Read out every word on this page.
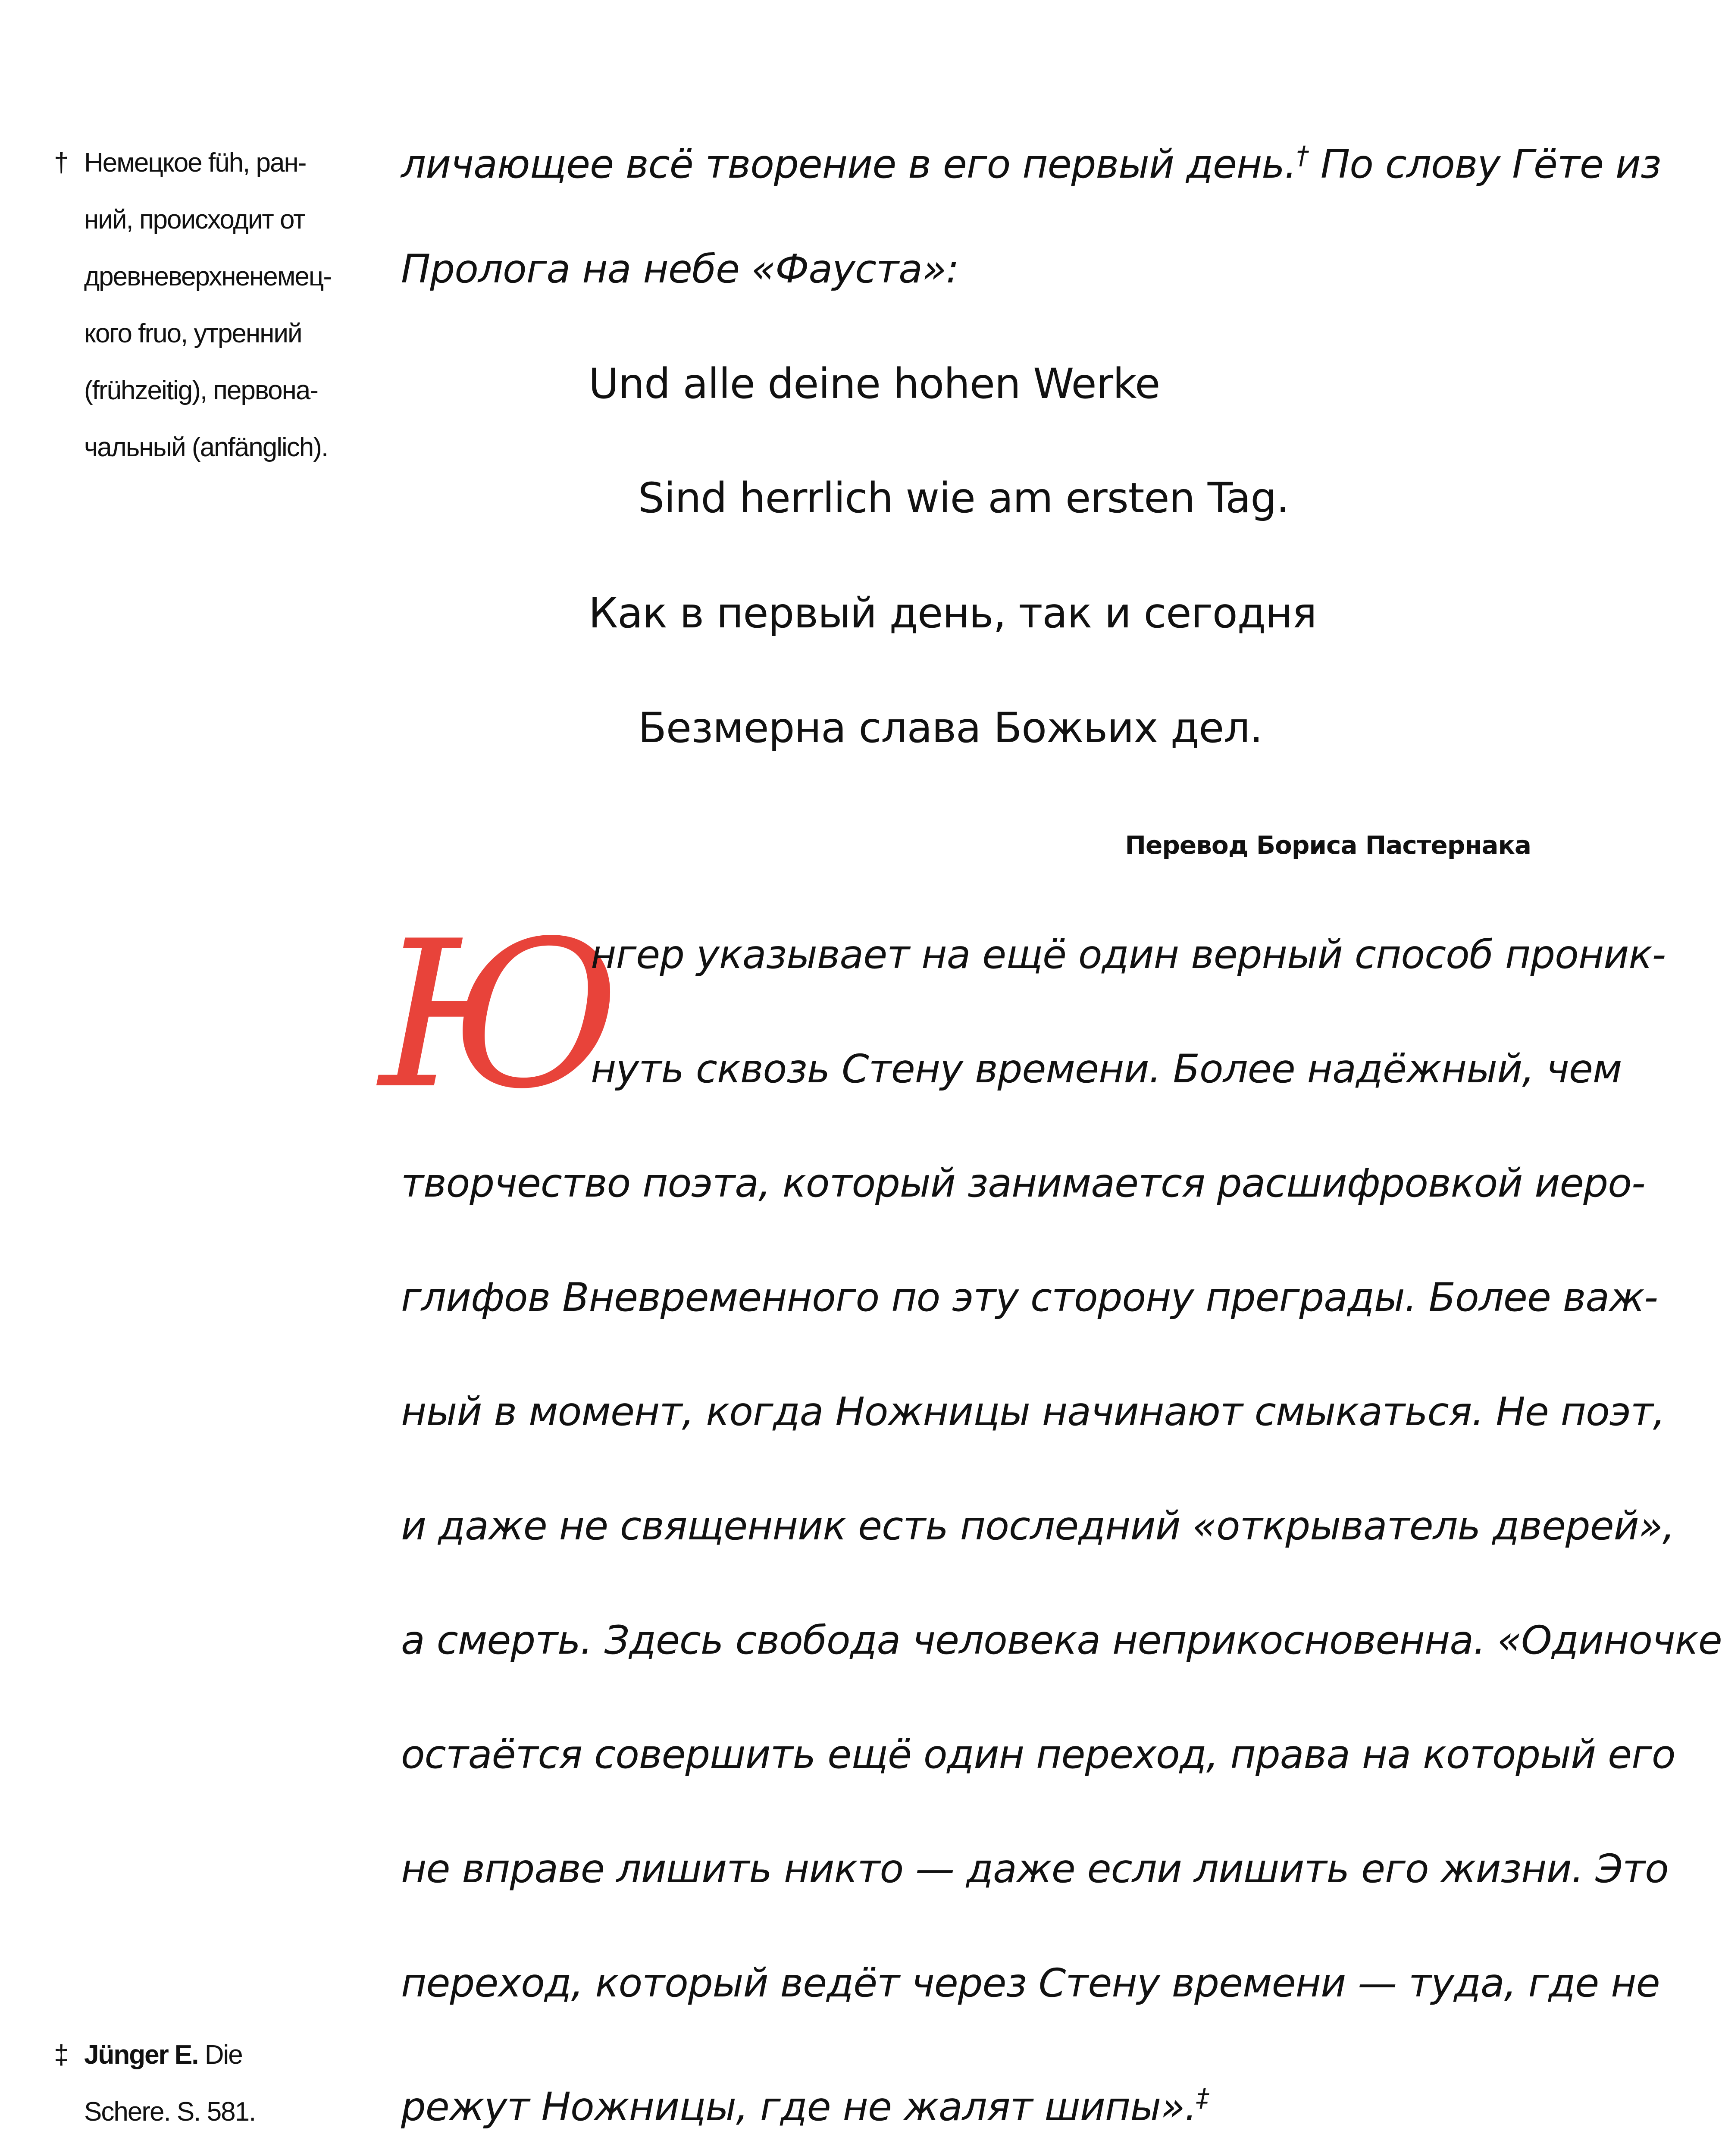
† Немецкое füh, ран-
ний, происходит от
древневерхненемец-
кого fruo, утренний
(frühzeitig), первона-
чальный (anfänglich).
‡ Jünger E. Die
Schere. S. 581.
личающее всё творение в его первый день.† По слову Гёте из
Пролога на небе «Фауста»:
Und alle deine hohen Werke
Sind herrlich wie am ersten Tag.
Как в первый день, так и сегодня
Безмерна слава Божьих дел.
Перевод Бориса Пастернака
Ю
нгер указывает на ещё один верный способ проник-
нуть сквозь Стену времени. Более надёжный, чем
творчество поэта, который занимается расшифровкой иеро-
глифов Вневременного по эту сторону преграды. Более важ-
ный в момент, когда Ножницы начинают смыкаться. Не поэт,
и даже не священник есть последний «открыватель дверей»,
а смерть. Здесь свобода человека неприкосновенна. «Одиночке
остаётся совершить ещё один переход, права на который его
не вправе лишить никто — даже если лишить его жизни. Это
переход, который ведёт через Стену времени — туда, где не
режут Ножницы, где не жалят шипы».‡
